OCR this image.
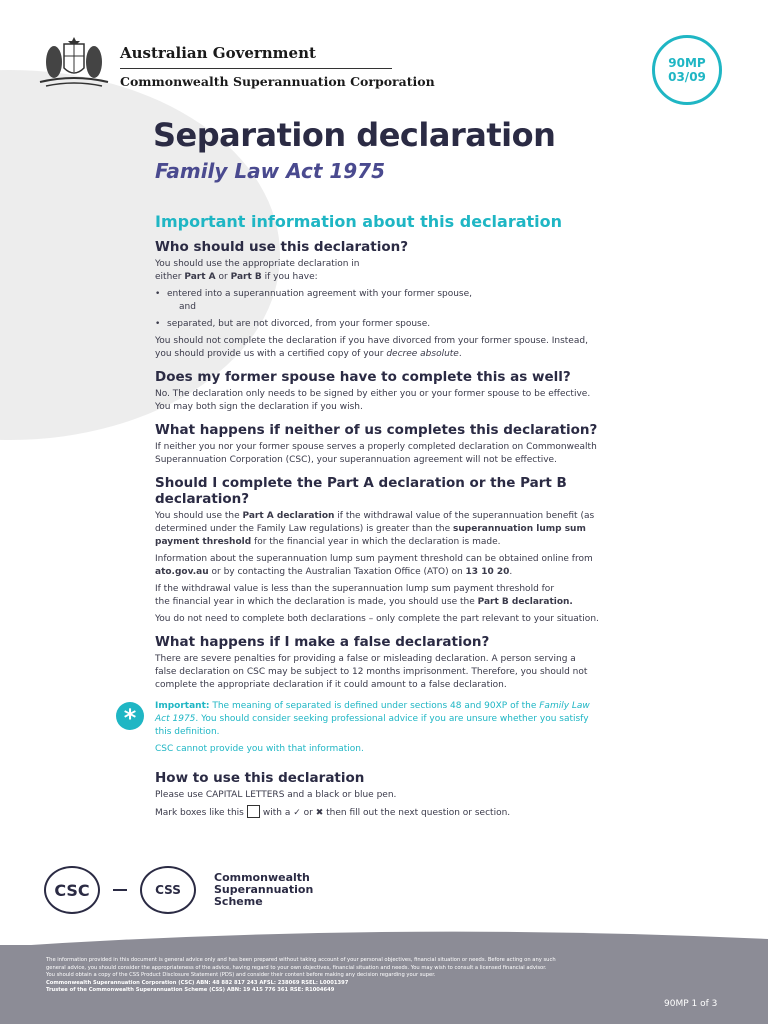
Australian Government
Commonwealth Superannuation Corporation
90MP
03/09
Separation declaration
Family Law Act 1975
Important information about this declaration
Who should use this declaration?

You should use the appropriate declaration in
either Part A or Part B if you have:

• entered into a superannuation agreement with your former spouse,
and
• separated, but are not divorced, from your former spouse.

You should not complete the declaration if you have divorced from your former spouse. Instead,
you should provide us with a certified copy of your decree absolute.

Does my former spouse have to complete this as well?

No. The declaration only needs to be signed by either you or your former spouse to be effective.
You may both sign the declaration if you wish.

What happens if neither of us completes this declaration?

If neither you nor your former spouse serves a properly completed declaration on Commonwealth
Superannuation Corporation (CSC), your superannuation agreement will not be effective.

Should I complete the Part A declaration or the Part B declaration?

You should use the Part A declaration if the withdrawal value of the superannuation benefit (as
determined under the Family Law regulations) is greater than the superannuation lump sum
payment threshold for the financial year in which the declaration is made.

Information about the superannuation lump sum payment threshold can be obtained online from
ato.gov.au or by contacting the Australian Taxation Office (ATO) on 13 10 20.

If the withdrawal value is less than the superannuation lump sum payment threshold for
the financial year in which the declaration is made, you should use the Part B declaration.

You do not need to complete both declarations – only complete the part relevant to your situation.

What happens if I make a false declaration?

There are severe penalties for providing a false or misleading declaration. A person serving a
false declaration on CSC may be subject to 12 months imprisonment. Therefore, you should not
complete the appropriate declaration if it could amount to a false declaration.

*	Important: The meaning of separated is defined under sections 48 and 90XP of the Family Law
Act 1975. You should consider seeking professional advice if you are unsure whether you satisfy
this definition.

CSC cannot provide you with that information.

How to use this declaration

Please use CAPITAL LETTERS and a black or blue pen.

Mark boxes like this with a ✓ or ✖ then fill out the next question or section.

CSC	CSS
Commonwealth
Superannuation
Scheme
The information provided in this document is general advice only and has been prepared without taking account of your personal objectives, financial situation or needs. Before acting on any such
general advice, you should consider the appropriateness of the advice, having regard to your own objectives, financial situation and needs. You may wish to consult a licensed financial advisor.
You should obtain a copy of the CSS Product Disclosure Statement (PDS) and consider their content before making any decision regarding your super.
Commonwealth Superannuation Corporation (CSC) ABN: 48 882 817 243 AFSL: 238069 RSEL: L0001397
Trustee of the Commonwealth Superannuation Scheme (CSS) ABN: 19 415 776 361 RSE: R1004649
90MP 1 of 3
